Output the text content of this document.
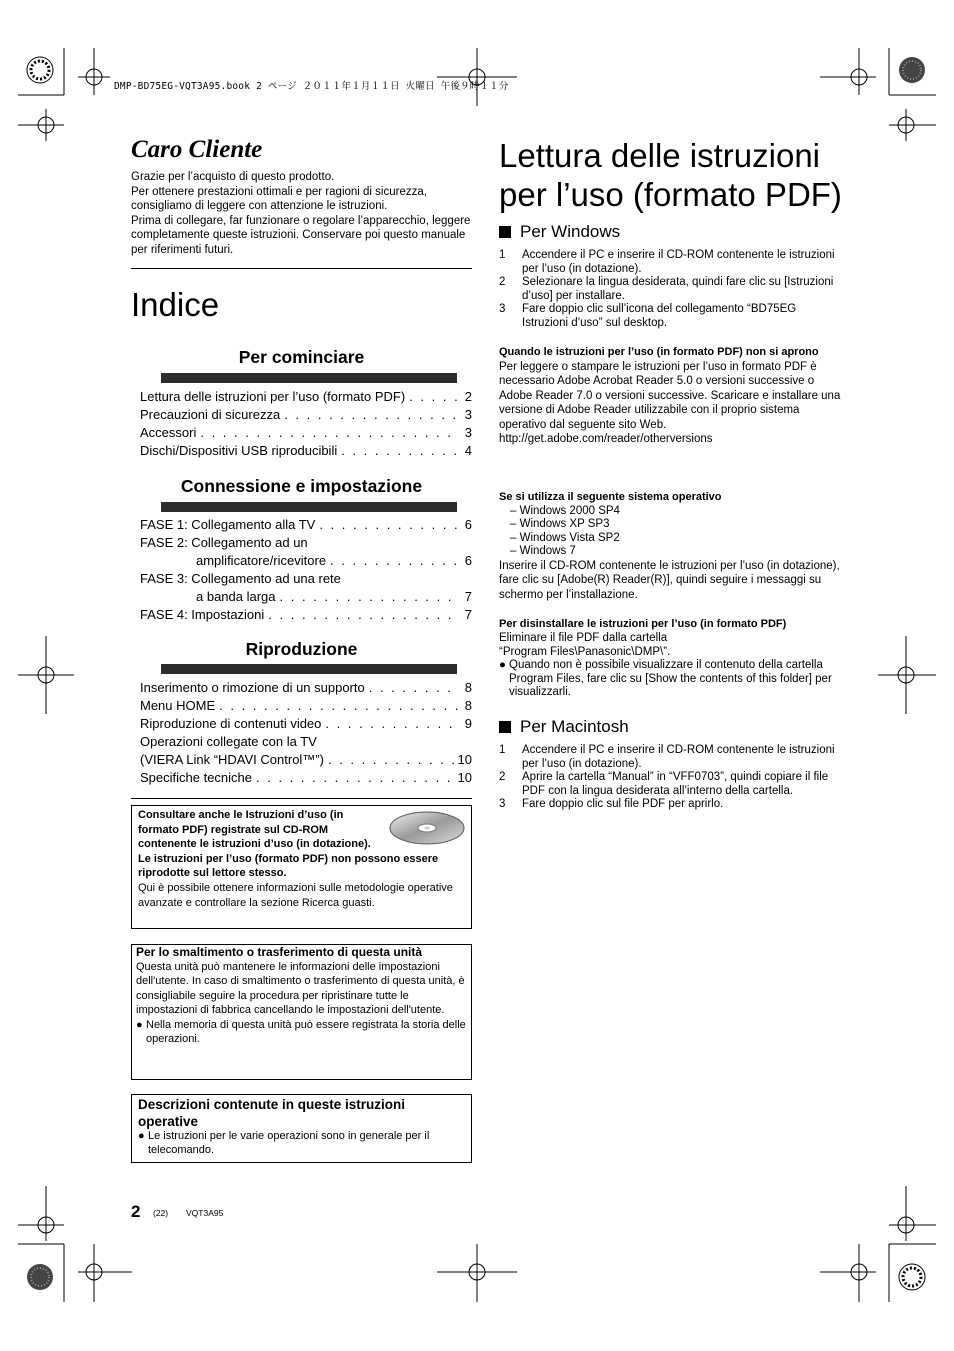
DMP-BD75EG-VQT3A95.book 2 ページ ２０１１年１月１１日 火曜日 午後９時１１分
Caro Cliente

Grazie per l’acquisto di questo prodotto.

Per ottenere prestazioni ottimali e per ragioni di sicurezza, consigliamo di leggere con attenzione le istruzioni.

Prima di collegare, far funzionare o regolare l’apparecchio, leggere completamente queste istruzioni. Conservare poi questo manuale per riferimenti futuri.

Indice
Per cominciare
Lettura delle istruzioni per l’uso (formato PDF) . . .	2
Precauzioni di sicurezza . . .	3
Accessori . . .	3
Dischi/Dispositivi USB riproducibili . . .	4
Connessione e impostazione
FASE 1: Collegamento alla TV . . .	6
FASE 2: Collegamento ad un
amplificatore/ricevitore . . .	6
FASE 3: Collegamento ad una rete
a banda larga . . .	7
FASE 4: Impostazioni . . .	7
Riproduzione
Inserimento o rimozione di un supporto . . .	8
Menu HOME . . .	8
Riproduzione di contenuti video . . .	9
Operazioni collegate con la TV
(VIERA Link “HDAVI Control™”) . . .	10
Specifiche tecniche . . .	10
Consultare anche le Istruzioni d’uso (in formato PDF) registrate sul CD-ROM contenente le istruzioni d’uso (in dotazione).
Le istruzioni per l’uso (formato PDF) non possono essere riprodotte sul lettore stesso.
Qui è possibile ottenere informazioni sulle metodologie operative avanzate e controllare la sezione Ricerca guasti.
Per lo smaltimento o trasferimento di questa unità
Questa unità può mantenere le informazioni delle impostazioni dell'utente. In caso di smaltimento o trasferimento di questa unità, è consigliabile seguire la procedura per ripristinare tutte le impostazioni di fabbrica cancellando le impostazioni dell'utente.
● Nella memoria di questa unità può essere registrata la storia delle operazioni.
Descrizioni contenute in queste istruzioni operative
● Le istruzioni per le varie operazioni sono in generale per il telecomando.
2 (22) VQT3A95
Lettura delle istruzioni
per l’uso (formato PDF)
Per Windows
1	Accendere il PC e inserire il CD-ROM contenente le istruzioni per l’uso (in dotazione).
2	Selezionare la lingua desiderata, quindi fare clic su [Istruzioni d’uso] per installare.
3	Fare doppio clic sull’icona del collegamento “BD75EG Istruzioni d’uso” sul desktop.
Quando le istruzioni per l’uso (in formato PDF) non si aprono

Per leggere o stampare le istruzioni per l’uso in formato PDF è necessario Adobe Acrobat Reader 5.0 o versioni successive o Adobe Reader 7.0 o versioni successive. Scaricare e installare una versione di Adobe Reader utilizzabile con il proprio sistema operativo dal seguente sito Web.

http://get.adobe.com/reader/otherversions

Se si utilizza il seguente sistema operativo
– Windows 2000 SP4
– Windows XP SP3
– Windows Vista SP2
– Windows 7

Inserire il CD-ROM contenente le istruzioni per l’uso (in dotazione), fare clic su [Adobe(R) Reader(R)], quindi seguire i messaggi su schermo per l’installazione.

Per disinstallare le istruzioni per l’uso (in formato PDF)

Eliminare il file PDF dalla cartella

“Program Files\Panasonic\DMP\”.

● Quando non è possibile visualizzare il contenuto della cartella Program Files, fare clic su [Show the contents of this folder] per visualizzarli.
Per Macintosh
1	Accendere il PC e inserire il CD-ROM contenente le istruzioni per l’uso (in dotazione).
2	Aprire la cartella “Manual” in “VFF0703”, quindi copiare il file PDF con la lingua desiderata all’interno della cartella.
3	Fare doppio clic sul file PDF per aprirlo.
